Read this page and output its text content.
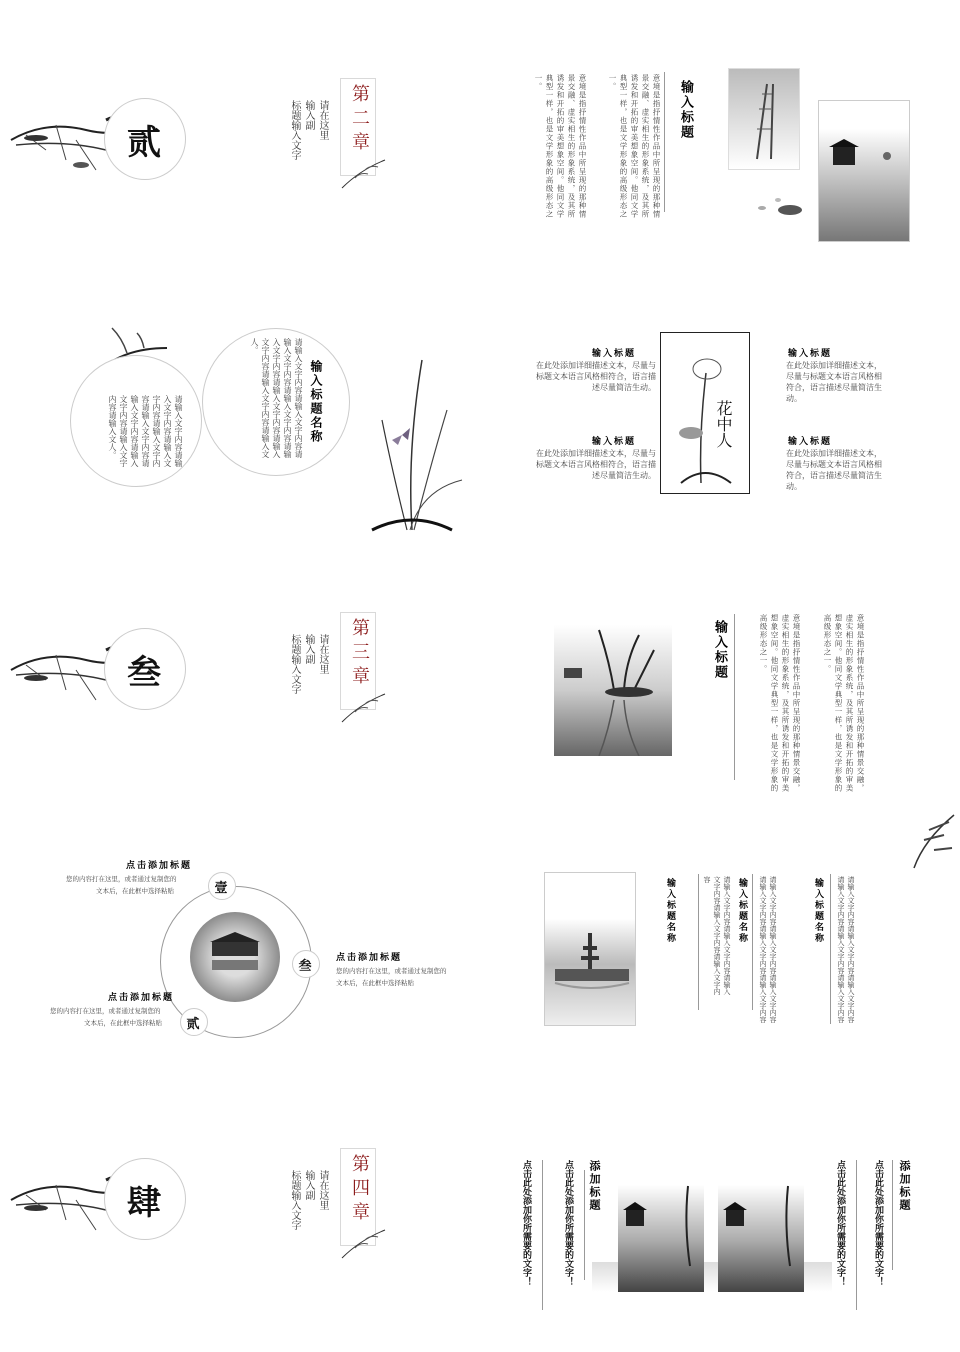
贰	第二章
请在这里
输入副
标题输入文字	输入标题
意境是指抒情性作品中所呈现的那种情景交融、虚实相生的形象系统，及其所诱发和开拓的审美想象空间。他同文学典型一样，也是文学形象的高级形态之一。
意境是指抒情性作品中所呈现的那种情景交融、虚实相生的形象系统，及其所诱发和开拓的审美想象空间。他同文学典型一样，也是文学形象的高级形态之一。
请输入文字内容请输入文字内容请输入文字内容请输入文字内容请输入文字内容请输入文字内容请输入文字内容请输入文字内容请输入文人。	请输入文字内容请输入文字内容请输入文字内容请输入文字内容请输入文字内容请输入文字内容请输入文字内容请输入文字内容请输入文人。
输入标题名称	花中人
输入标题
在此处添加详细描述文本，尽量与标题文本语言风格相符合，语言描述尽量简洁生动。
输入标题
在此处添加详细描述文本，尽量与标题文本语言风格相符合，语言描述尽量简洁生动。
输入标题
在此处添加详细描述文本，尽量与标题文本语言风格相符合，语言描述尽量简洁生动。
输入标题
在此处添加详细描述文本，尽量与标题文本语言风格相符合，语言描述尽量简洁生动。
叁	第三章
请在这里
输入副
标题输入文字	输入标题	意境是指抒情性作品中所呈现的那种情景交融，虚实相生的形象系统，及其所诱发和开拓的审美想象空间。他同文学典型一样，也是文学形象的高级形态之一。
意境是指抒情性作品中所呈现的那种情景交融，虚实相生的形象系统，及其所诱发和开拓的审美想象空间。他同文学典型一样，也是文学形象的高级形态之一。
点击添加标题
您的内容打在这里，或者通过复制您的
文本后，在此框中选择粘贴	壹
叁
贰
点击添加标题
您的内容打在这里，或者通过复制您的
文本后，在此框中选择粘贴
点击添加标题
您的内容打在这里，或者通过复制您的
文本后，在此框中选择粘贴
输入标题名称	请输入文字内容请输入文字内容请输入文字内容请输入文字内容请输入文字内容	输入标题名称	请输入文字内容请输入文字内容请输入文字内容请输入文字内容请输入文字内容请输入文字内容	输入标题名称	请输入文字内容请输入文字内容请输入文字内容请输入文字内容请输入文字内容请输入文字内容
肆	第四章
请在这里
输入副
标题输入文字	点击此处添加你所需要的文字！	点击此处添加你所需要的文字！ 添加标题	点击此处添加你所需要的文字！	点击此处添加你所需要的文字！ 添加标题
